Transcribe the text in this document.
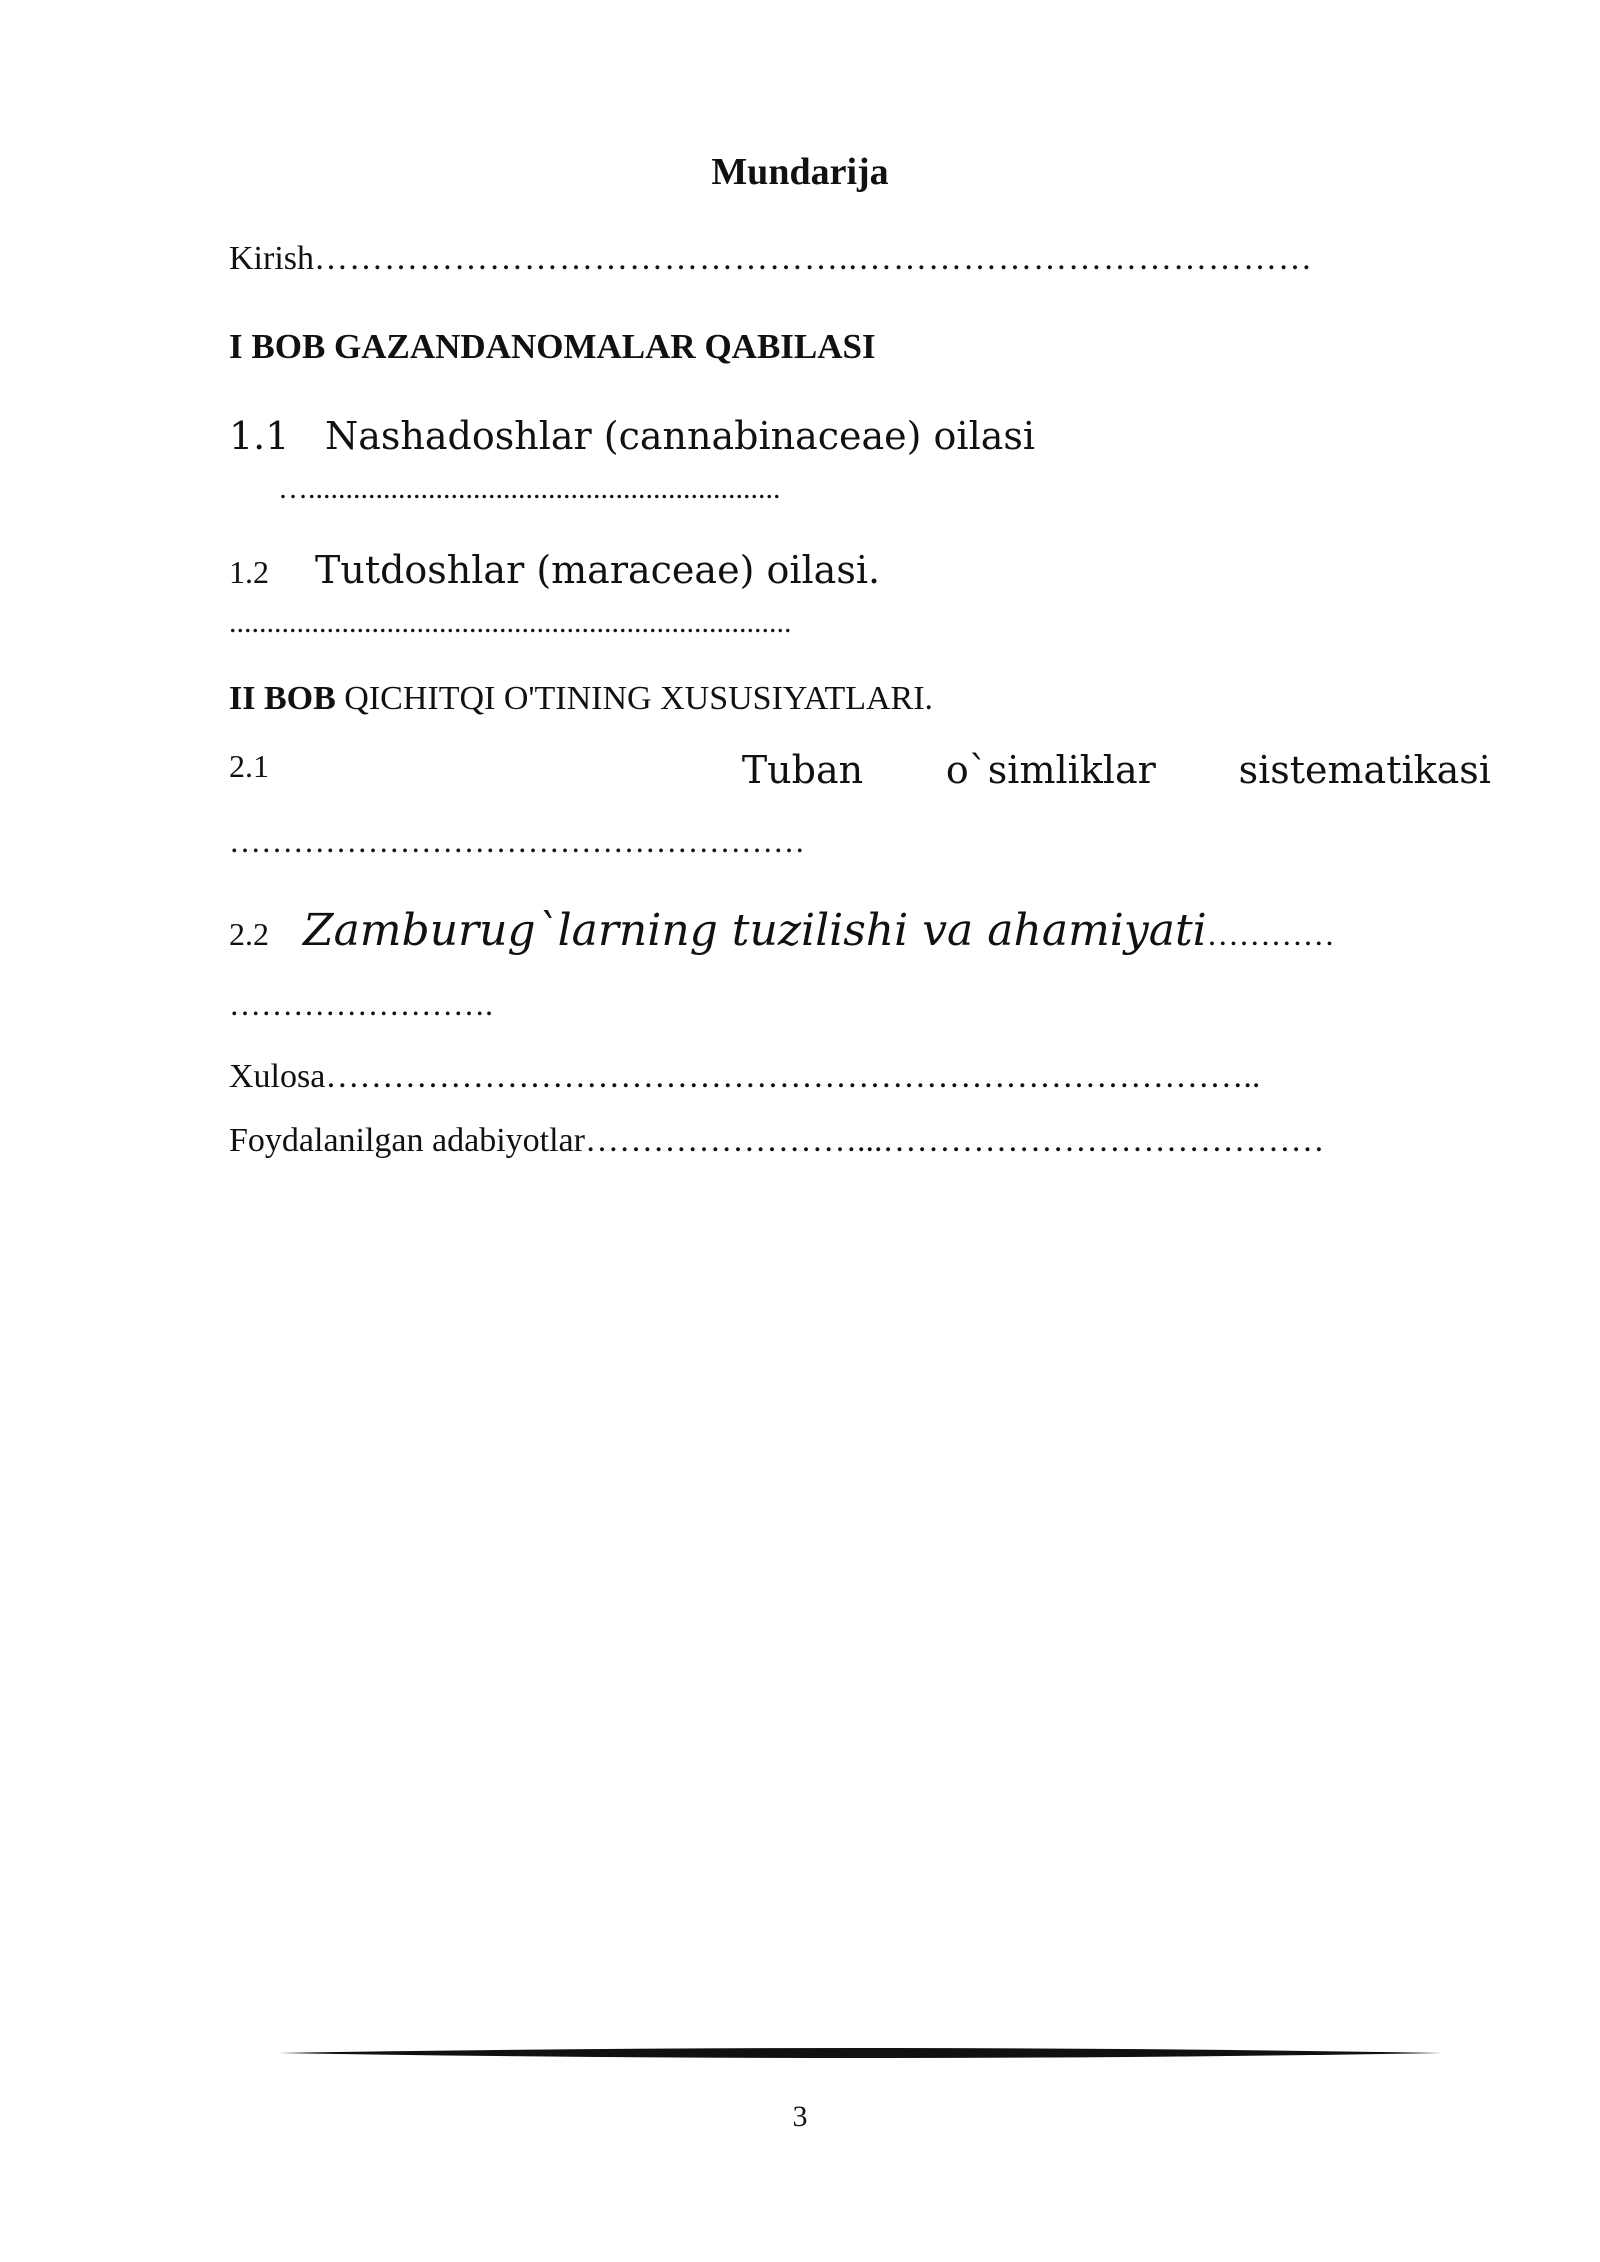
Mundarija
Kirish………………………………………..…………………………………
I BOB GAZANDANOMALAR QABILASI
1.1 Nashadoshlar (cannabinaceae) oilasi
…...............................................................
1.2 Tutdoshlar (maraceae) oilasi.
...........................................................................
II BOB QICHITQI O'TINING XUSUSIYATLARI.
2.1	Tuban o`simliklar sistematikasi
………………………………………………
2.2 Zamburug`larning tuzilishi va ahamiyati…………
…………………….
Xulosa………………………………………………………………………..
Foydalanilgan adabiyotlar……………………...…………………………………
3
